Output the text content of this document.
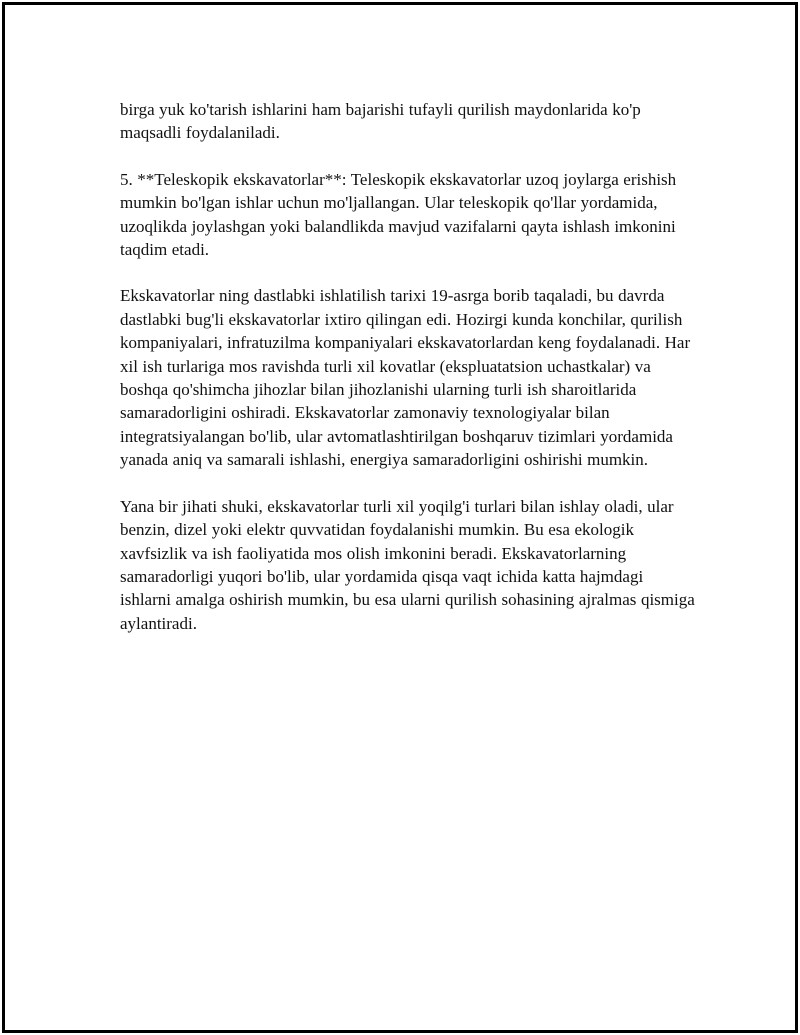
birga yuk ko'tarish ishlarini ham bajarishi tufayli qurilish maydonlarida ko'p maqsadli foydalaniladi.

5. **Teleskopik ekskavatorlar**: Teleskopik ekskavatorlar uzoq joylarga erishish mumkin bo'lgan ishlar uchun mo'ljallangan. Ular teleskopik qo'llar yordamida, uzoqlikda joylashgan yoki balandlikda mavjud vazifalarni qayta ishlash imkonini taqdim etadi.

Ekskavatorlar ning dastlabki ishlatilish tarixi 19-asrga borib taqaladi, bu davrda dastlabki bug'li ekskavatorlar ixtiro qilingan edi. Hozirgi kunda konchilar, qurilish kompaniyalari, infratuzilma kompaniyalari ekskavatorlardan keng foydalanadi. Har xil ish turlariga mos ravishda turli xil kovatlar (ekspluatatsion uchastkalar) va boshqa qo'shimcha jihozlar bilan jihozlanishi ularning turli ish sharoitlarida samaradorligini oshiradi. Ekskavatorlar zamonaviy texnologiyalar bilan integratsiyalangan bo'lib, ular avtomatlashtirilgan boshqaruv tizimlari yordamida yanada aniq va samarali ishlashi, energiya samaradorligini oshirishi mumkin.

Yana bir jihati shuki, ekskavatorlar turli xil yoqilg'i turlari bilan ishlay oladi, ular benzin, dizel yoki elektr quvvatidan foydalanishi mumkin. Bu esa ekologik xavfsizlik va ish faoliyatida mos olish imkonini beradi. Ekskavatorlarning samaradorligi yuqori bo'lib, ular yordamida qisqa vaqt ichida katta hajmdagi ishlarni amalga oshirish mumkin, bu esa ularni qurilish sohasining ajralmas qismiga aylantiradi.
